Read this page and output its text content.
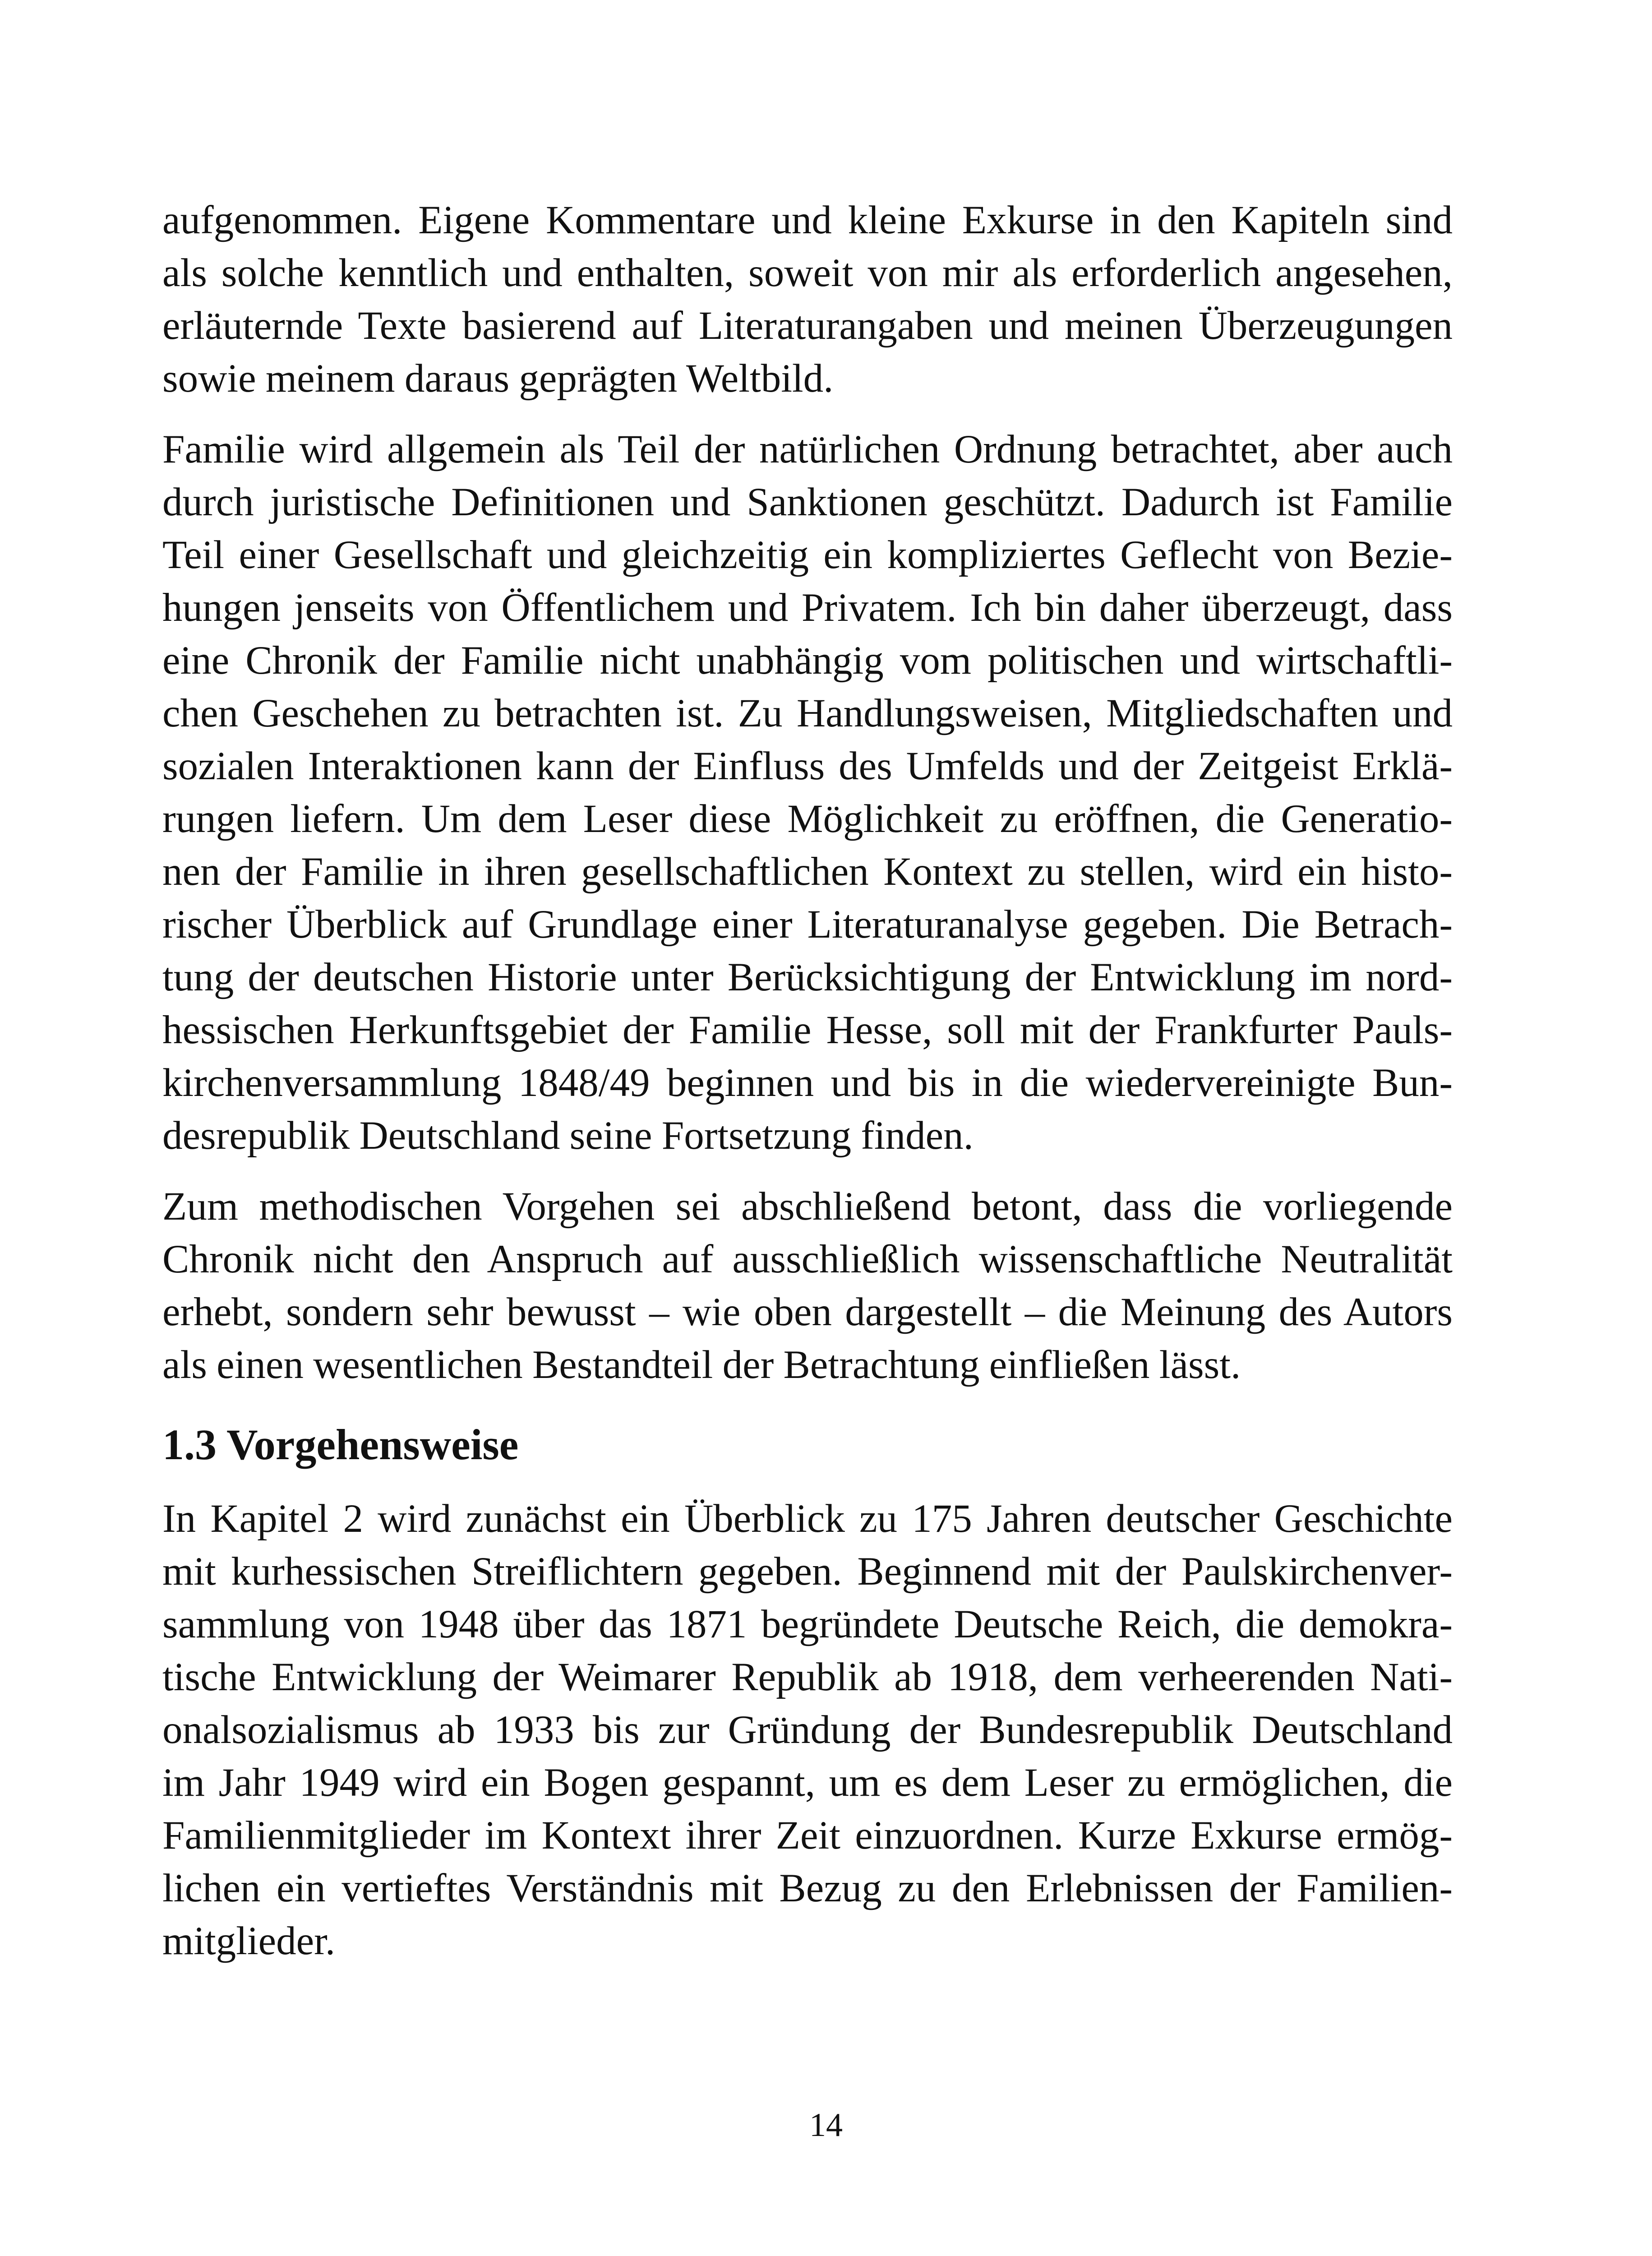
aufgenommen. Eigene Kommentare und kleine Exkurse in den Kapiteln sind
als solche kenntlich und enthalten, soweit von mir als erforderlich angesehen,
erläuternde Texte basierend auf Literaturangaben und meinen Überzeugungen
sowie meinem daraus geprägten Weltbild.

Familie wird allgemein als Teil der natürlichen Ordnung betrachtet, aber auch
durch juristische Definitionen und Sanktionen geschützt. Dadurch ist Familie
Teil einer Gesellschaft und gleichzeitig ein kompliziertes Geflecht von Bezie-
hungen jenseits von Öffentlichem und Privatem. Ich bin daher überzeugt, dass
eine Chronik der Familie nicht unabhängig vom politischen und wirtschaftli-
chen Geschehen zu betrachten ist. Zu Handlungsweisen, Mitgliedschaften und
sozialen Interaktionen kann der Einfluss des Umfelds und der Zeitgeist Erklä-
rungen liefern. Um dem Leser diese Möglichkeit zu eröffnen, die Generatio-
nen der Familie in ihren gesellschaftlichen Kontext zu stellen, wird ein histo-
rischer Überblick auf Grundlage einer Literaturanalyse gegeben. Die Betrach-
tung der deutschen Historie unter Berücksichtigung der Entwicklung im nord-
hessischen Herkunftsgebiet der Familie Hesse, soll mit der Frankfurter Pauls-
kirchenversammlung 1848/49 beginnen und bis in die wiedervereinigte Bun-
desrepublik Deutschland seine Fortsetzung finden.

Zum methodischen Vorgehen sei abschließend betont, dass die vorliegende
Chronik nicht den Anspruch auf ausschließlich wissenschaftliche Neutralität
erhebt, sondern sehr bewusst – wie oben dargestellt – die Meinung des Autors
als einen wesentlichen Bestandteil der Betrachtung einfließen lässt.

1.3 Vorgehensweise

In Kapitel 2 wird zunächst ein Überblick zu 175 Jahren deutscher Geschichte
mit kurhessischen Streiflichtern gegeben. Beginnend mit der Paulskirchenver-
sammlung von 1948 über das 1871 begründete Deutsche Reich, die demokra-
tische Entwicklung der Weimarer Republik ab 1918, dem verheerenden Nati-
onalsozialismus ab 1933 bis zur Gründung der Bundesrepublik Deutschland
im Jahr 1949 wird ein Bogen gespannt, um es dem Leser zu ermöglichen, die
Familienmitglieder im Kontext ihrer Zeit einzuordnen. Kurze Exkurse ermög-
lichen ein vertieftes Verständnis mit Bezug zu den Erlebnissen der Familien-
mitglieder.

14
